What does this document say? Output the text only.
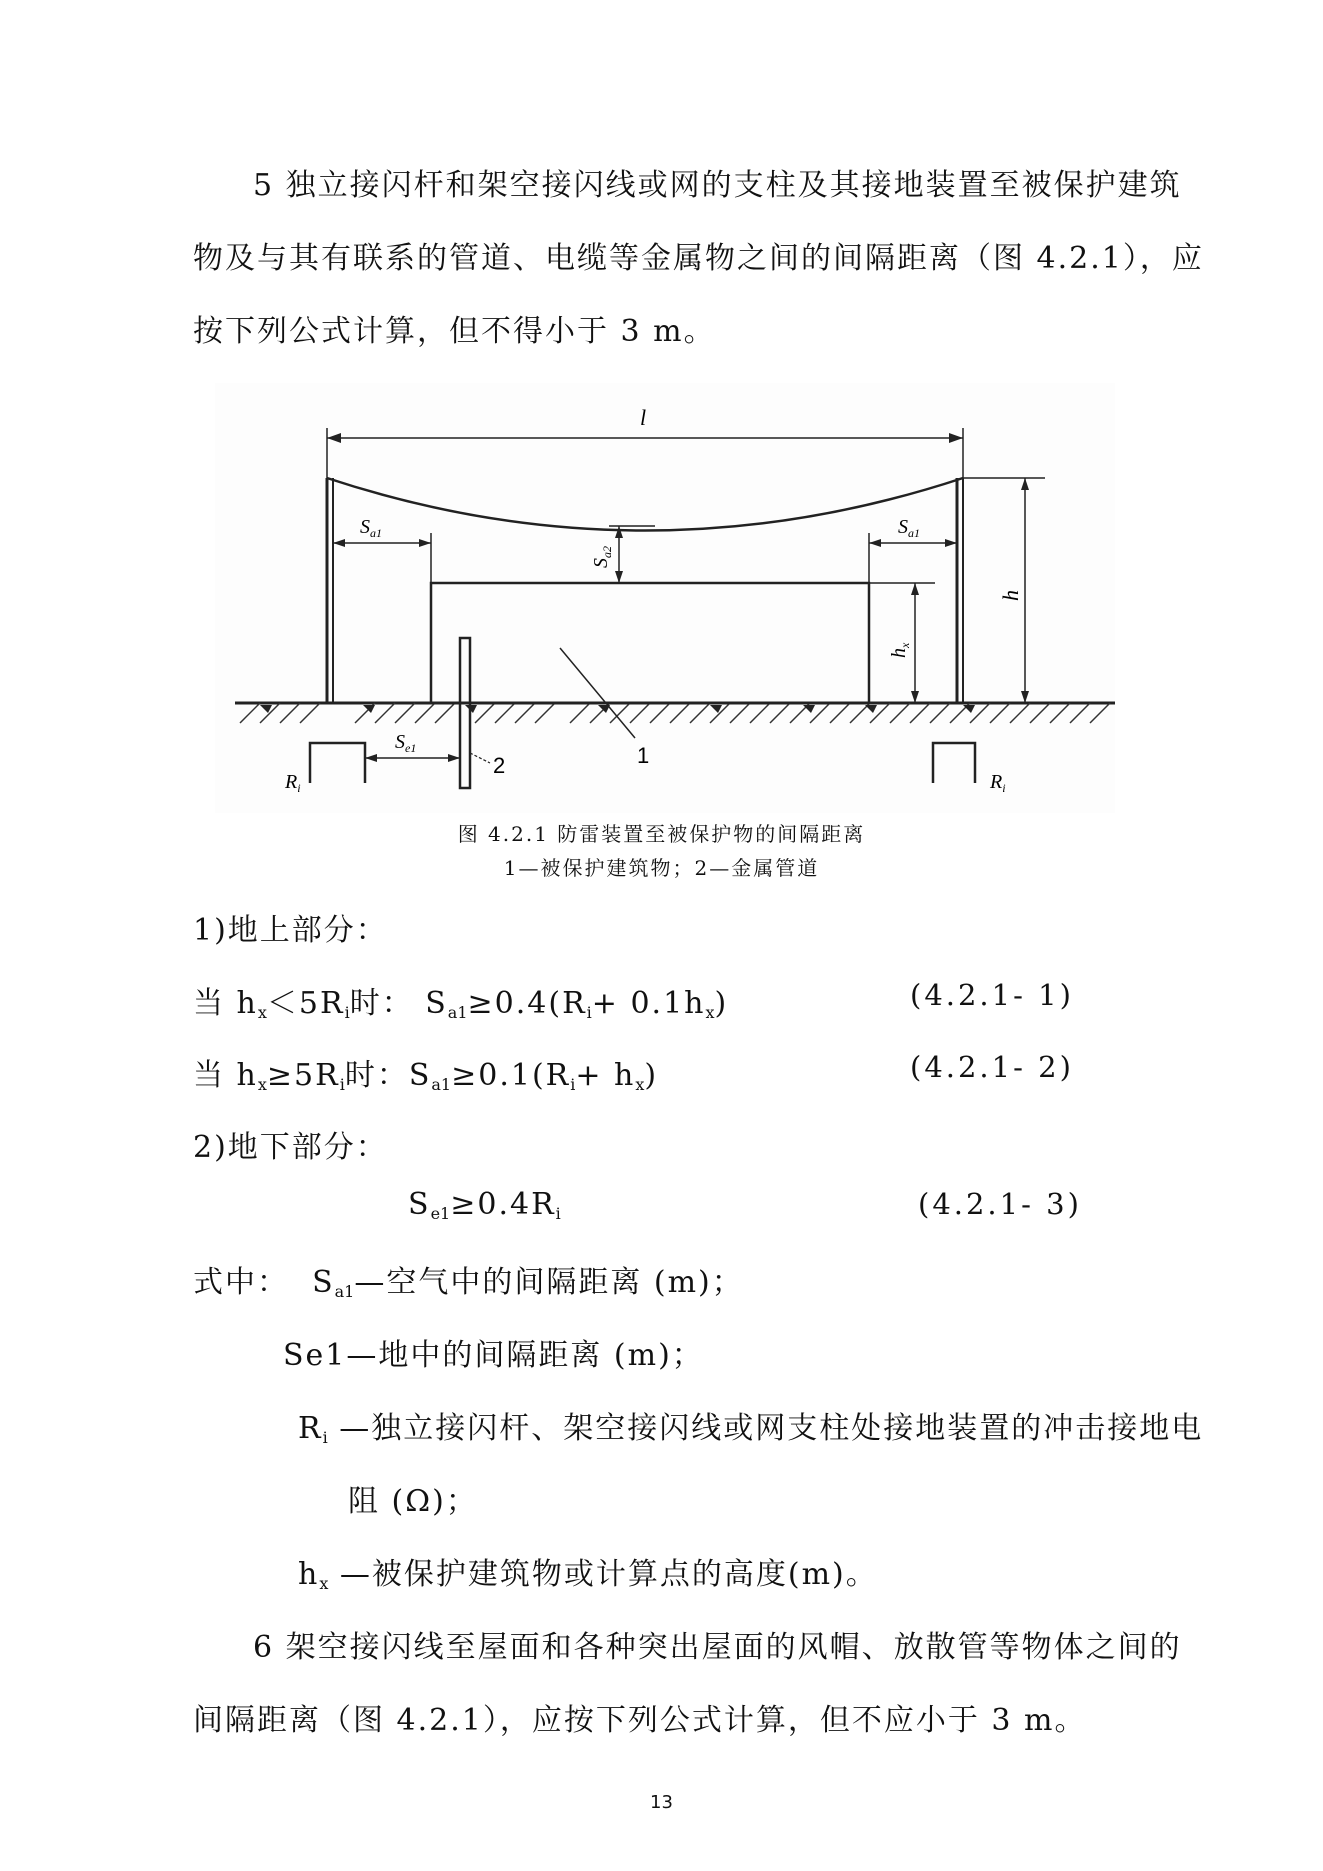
5 独立接闪杆和架空接闪线或网的支柱及其接地装置至被保护建筑
物及与其有联系的管道、电缆等金属物之间的间隔距离（图 4.2.1），应
按下列公式计算，但不得小于 3 m。
l
$S_{a1}$	$S_{a1}$
$S_{a2}$
$h_x$
h
2	1
$R_i$
$S_{e1}$
$R_i$
图 4.2.1 防雷装置至被保护物的间隔距离
1—被保护建筑物；2—金属管道
1)地上部分：
当 $h_x<5R_i$时： $S_{a1}\ge 0.4(R_i+ 0.1h_x)$	(4.2.1- 1)
当 $h_x\ge 5R_i$时：$S_{a1}\ge 0.1(R_i+ h_x)$	(4.2.1- 2)
2)地下部分：
$S_{e1}\ge 0.4R_i$	(4.2.1- 3)
式中： $S_{a1}—$空气中的间隔距离 (m)；
Se1—地中的间隔距离 (m)；
$R_i$ —独立接闪杆、架空接闪线或网支柱处接地装置的冲击接地电
阻 (Ω)；
$h_x$ —被保护建筑物或计算点的高度(m)。
6 架空接闪线至屋面和各种突出屋面的风帽、放散管等物体之间的
间隔距离（图 4.2.1），应按下列公式计算，但不应小于 3 m。
13
